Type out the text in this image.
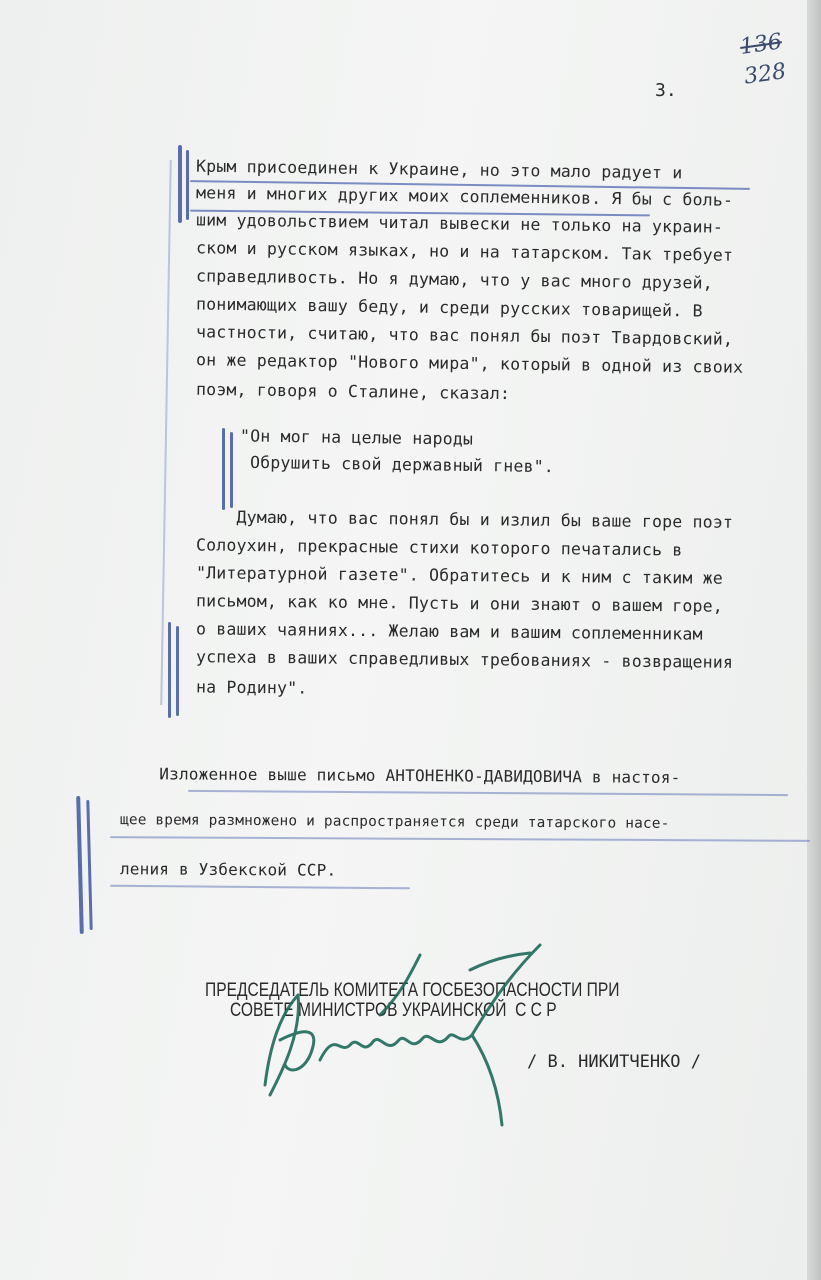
136
328
3.
Крым присоединен к Украине, но это мало радует и
меня и многих других моих соплеменников. Я бы с боль-
шим удовольствием читал вывески не только на украин-
ском и русском языках, но и на татарском. Так требует
справедливость. Но я думаю, что у вас много друзей,
понимающих вашу беду, и среди русских товарищей. В
частности, считаю, что вас понял бы поэт Твардовский,
он же редактор "Нового мира", который в одной из своих
поэм, говоря о Сталине, сказал:
"Он мог на целые народы
Обрушить свой державный гнев".
Думаю, что вас понял бы и излил бы ваше горе поэт
Солоухин, прекрасные стихи которого печатались в
"Литературной газете". Обратитесь и к ним с таким же
письмом, как ко мне. Пусть и они знают о вашем горе,
о ваших чаяниях... Желаю вам и вашим соплеменникам
успеха в ваших справедливых требованиях - возвращения
на Родину".
Изложенное выше письмо АНТОНЕНКО-ДАВИДОВИЧА в настоя-
щее время размножено и распространяется среди татарского насе-
ления в Узбекской ССР.
ПРЕДСЕДАТЕЛЬ КОМИТЕТА ГОСБЕЗОПАСНОСТИ ПРИ
СОВЕТЕ МИНИСТРОВ УКРАИНСКОЙ  С С Р
/ В. НИКИТЧЕНКО /
